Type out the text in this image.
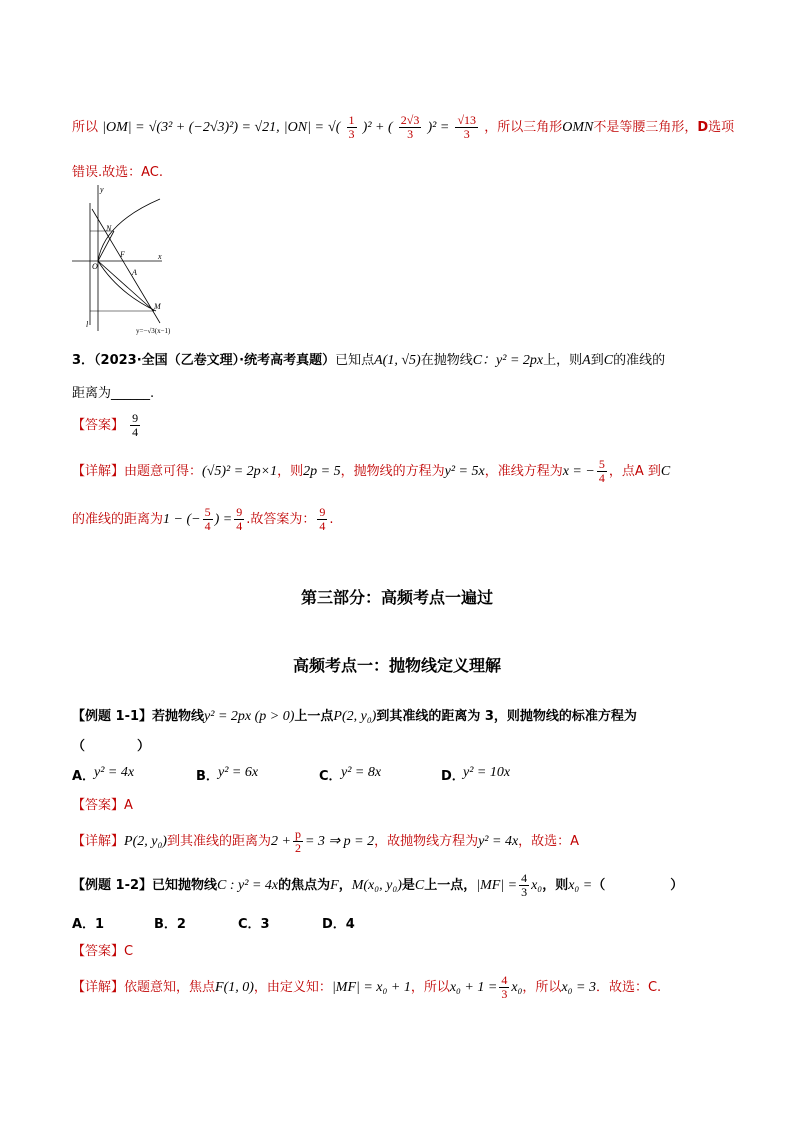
所以 |OM| = √(3² + (−2√3)²) = √21, |ON| = √( $\frac{1}{3} )^2$ + ( $\frac{2√3}{3} )^2 = \frac{√13}{3}$ ，所以三角形OMN不是等腰三角形，D选项
错误.故选：AC.
y
x
O
N
F
A
M
l
y=−√3(x−1)
3．（2023·全国（乙卷文理）·统考高考真题）已知点A(1, √5)在抛物线C：y² = 2px上，则A到C的准线的
距离为______.
【答案】 $\frac{9}{4}$
【详解】由题意可得：(√5)² = 2p×1，则2p = 5，抛物线的方程为y² = 5x，准线方程为x = − $\frac{5}{4}$ ，点A 到C
的准线的距离为1 − (− $\frac{5}{4}$ ) = $\frac{9}{4}$ .故答案为： $\frac{9}{4}$ .
第三部分：高频考点一遍过
高频考点一：抛物线定义理解
【例题 1-1】若抛物线y² = 2px (p > 0)上一点P(2, y₀)到其准线的距离为 3，则抛物线的标准方程为
（　　　　）
A．
y² = 4x	B． y² = 6x	C． y² = 8x	D．
y² = 10x
【答案】A
【详解】P(2, y₀)到其准线的距离为$2 + \frac{p}{2} = 3$ ⇒ p = 2，故抛物线方程为y² = 4x，故选：A
【例题 1-2】已知抛物线C : y² = 4x的焦点为F，M(x₀, y₀)是C上一点，$|MF| = \frac{4}{3} x_0$，则x₀ =（　　　　　）
A．1	B．2	C．3	D．4
【答案】C
【详解】依题意知，焦点F(1, 0)，由定义知：|MF| = x₀ + 1，所以$x_0 + 1 = \frac{4}{3} x_0$，所以x₀ = 3．故选：C.
